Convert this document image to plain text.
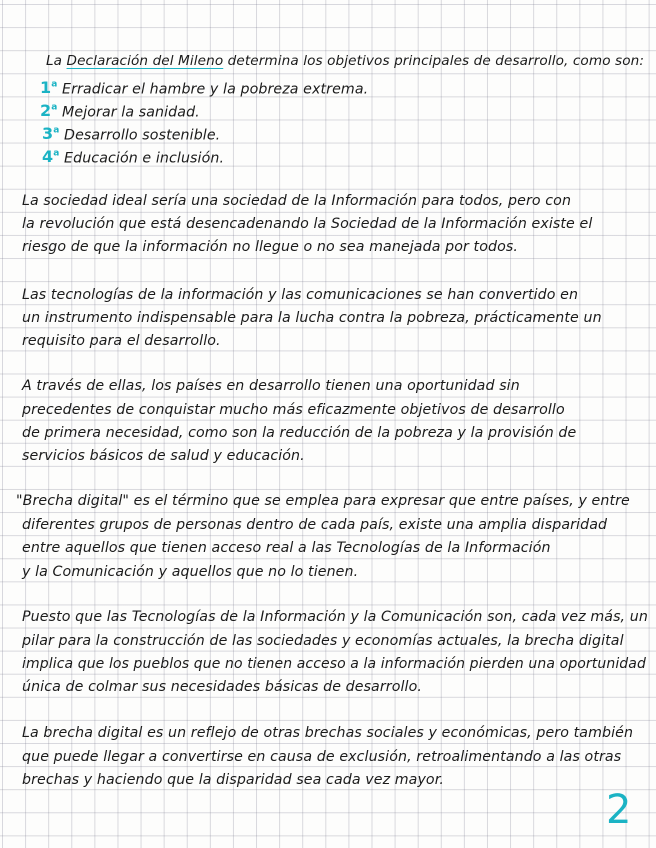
La Declaración del Mileno determina los objetivos principales de desarrollo, como son:
1$^a$ Erradicar el hambre y la pobreza extrema.
2$^a$ Mejorar la sanidad.
3$^a$ Desarrollo sostenible.
4$^a$ Educación e inclusión.
La sociedad ideal sería una sociedad de la Información para todos, pero con
la revolución que está desencadenando la Sociedad de la Información existe el
riesgo de que la información no llegue o no sea manejada por todos.
Las tecnologías de la información y las comunicaciones se han convertido en
un instrumento indispensable para la lucha contra la pobreza, prácticamente un
requisito para el desarrollo.
A través de ellas, los países en desarrollo tienen una oportunidad sin
precedentes de conquistar mucho más eficazmente objetivos de desarrollo
de primera necesidad, como son la reducción de la pobreza y la provisión de
servicios básicos de salud y educación.
"Brecha digital" es el término que se emplea para expresar que entre países, y entre
diferentes grupos de personas dentro de cada país, existe una amplia disparidad
entre aquellos que tienen acceso real a las Tecnologías de la Información
y la Comunicación y aquellos que no lo tienen.
Puesto que las Tecnologías de la Información y la Comunicación son, cada vez más, un
pilar para la construcción de las sociedades y economías actuales, la brecha digital
implica que los pueblos que no tienen acceso a la información pierden una oportunidad
única de colmar sus necesidades básicas de desarrollo.
La brecha digital es un reflejo de otras brechas sociales y económicas, pero también
que puede llegar a convertirse en causa de exclusión, retroalimentando a las otras
brechas y haciendo que la disparidad sea cada vez mayor.
2
